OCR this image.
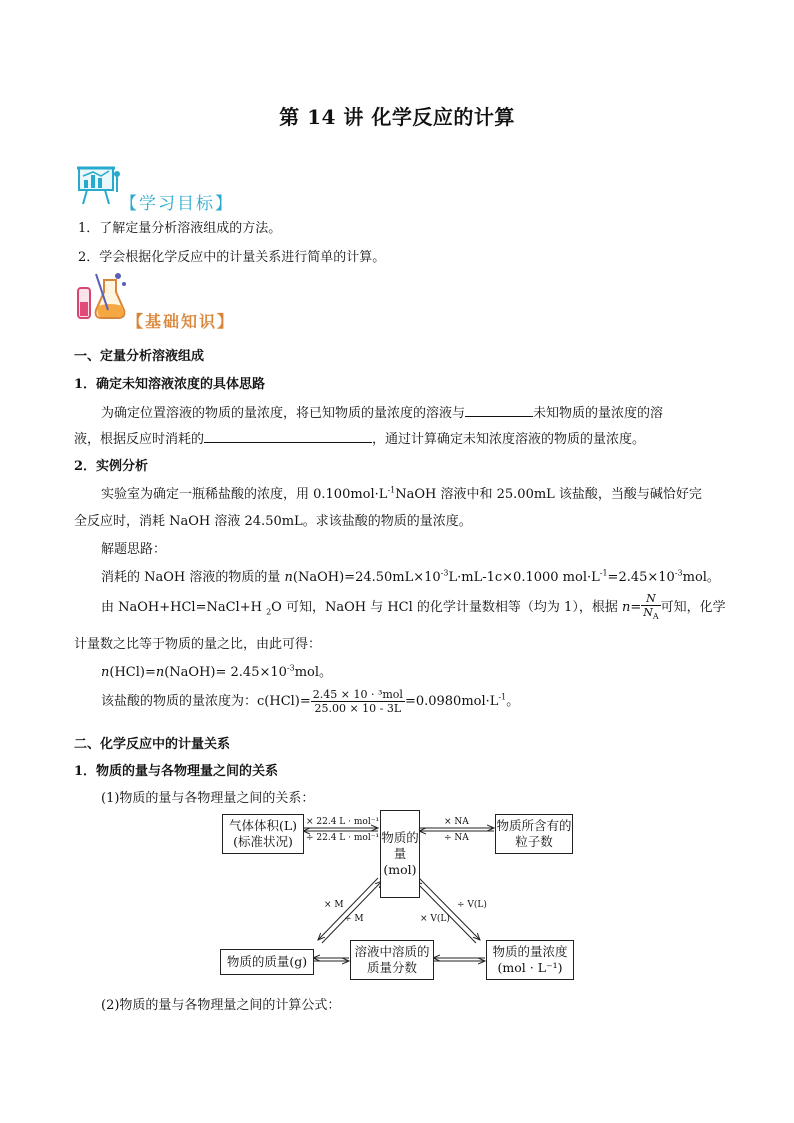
第 14 讲 化学反应的计算
【学习目标】
1．了解定量分析溶液组成的方法。
2．学会根据化学反应中的计量关系进行简单的计算。
【基础知识】
一、定量分析溶液组成
1．确定未知溶液浓度的具体思路
为确定位置溶液的物质的量浓度，将已知物质的量浓度的溶液与	未知物质的量浓度的溶
液，根据反应时消耗的	，通过计算确定未知浓度溶液的物质的量浓度。
2．实例分析
实验室为确定一瓶稀盐酸的浓度，用 $0.100mol\cdot L^{-1}NaOH$ 溶液中和 25.00mL 该盐酸，当酸与碱恰好完
全反应时，消耗 NaOH 溶液 24.50mL。求该盐酸的物质的量浓度。
解题思路：
消耗的 NaOH 溶液的物质的量 $n(NaOH)=24.50mL\times 10^{-3}L\cdot mL-1c\times 0.1000$ $mol\cdot L^{-1}=2.45\times 10^{-3}mol$。
由 NaOH+HCl=NaCl+H $_2$O 可知，NaOH 与 HCl 的化学计量数相等（均为 1），根据 $n= \frac{N}{N_A}$ 可知，化学
计量数之比等于物质的量之比，由此可得：
n(HCl)=n(NaOH)= $2.45\times 10^{-3}mol$。
该盐酸的物质的量浓度为：$c(HCl)= \frac{\text{2.45 × 10 · ³mol}}{25.00 \times 10 - 3L} =0.0980mol\cdot L^{-1}$。
二、化学反应中的计量关系
1．物质的量与各物理量之间的关系
(1)物质的量与各物理量之间的关系：
气体体积(L)(标准状况)	物质的量(mol)
物质所含有的粒子数
物质的质量(g)
溶液中溶质的质量分数
物质的量浓度(mol · L⁻¹)
× 22.4 L · mol⁻¹
÷ 22.4 L · mol⁻¹
× NA
÷ NA
× M
÷ M
÷ V(L)
× V(L)
(2)物质的量与各物理量之间的计算公式：
